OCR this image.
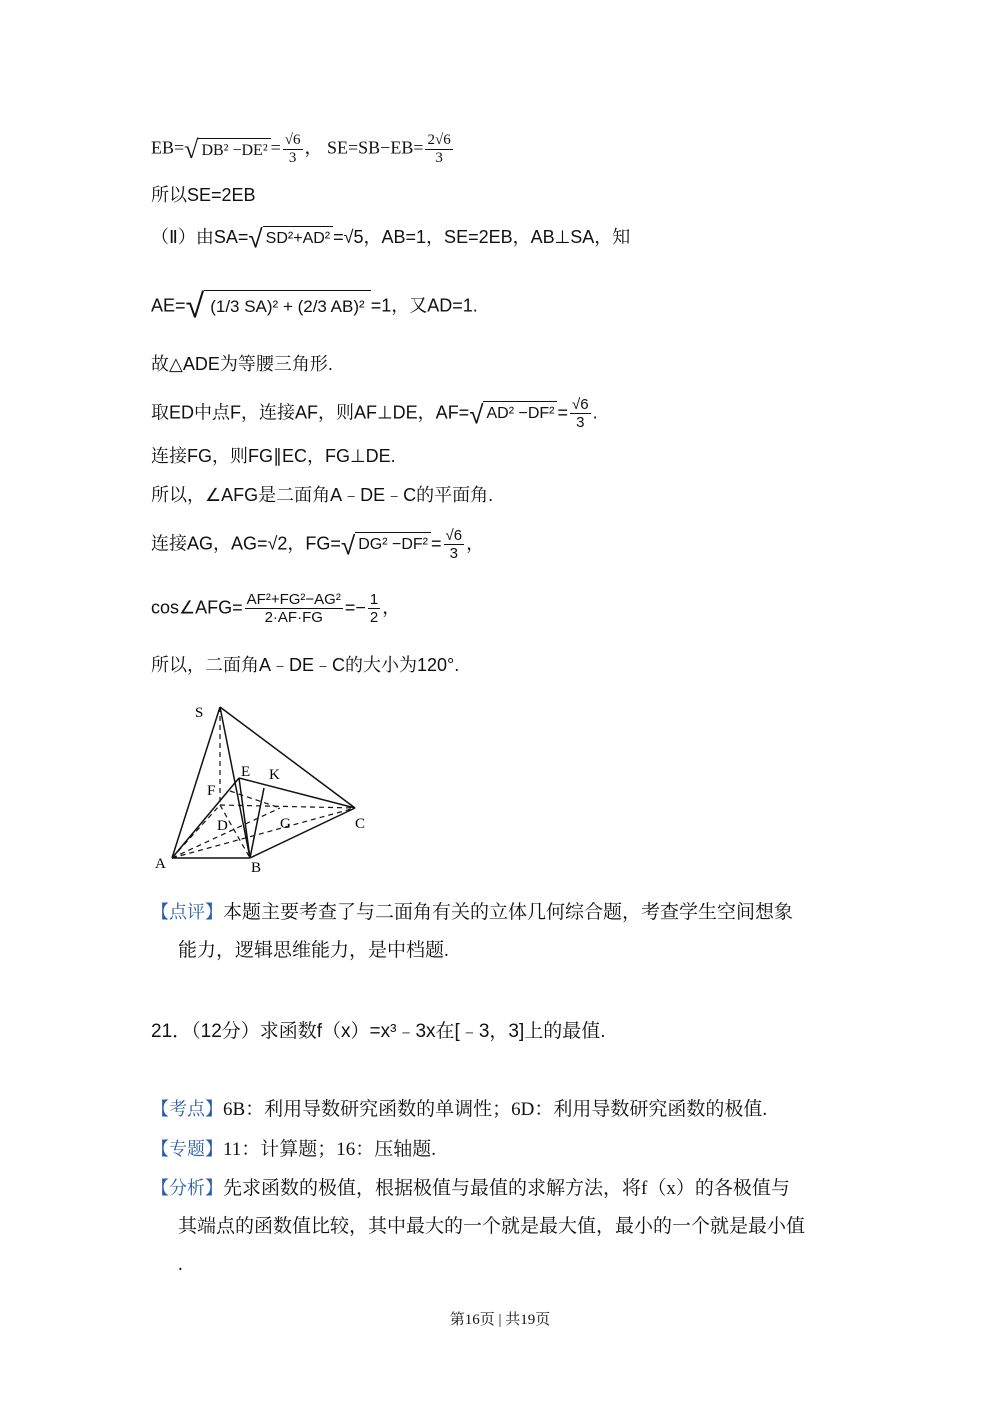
EB=√ $DB^2 -DE^2 = \frac{√6}{3}$ ， $SE=SB-EB= \frac{2√6}{3}$
所以SE=2EB
（Ⅱ）由SA=√ SD²+AD² =√5，AB=1，SE=2EB，AB⊥SA，知
AE=√ (1/3 SA)² + (2/3 AB)² =1，又AD=1.
故△ADE为等腰三角形.
取ED中点F，连接AF，则AF⊥DE，AF=√ $AD^2 -DF^2 = \frac{√6}{3}$ .
连接FG，则FG∥EC，FG⊥DE.
所以，∠AFG是二面角A﹣DE﹣C的平面角.
连接AG，AG=√2，FG=√ $DG^2 -DF^2 = \frac{√6}{3}$ ，
cos∠AFG= $\frac{\text{AF²+FG²−AG²}}{2\cdot AF\cdot FG} =- \frac{1}{2}$ ，
所以，二面角A﹣DE﹣C的大小为120°.
S
E K
F
D	G	C
A	B
【点评】本题主要考查了与二面角有关的立体几何综合题，考查学生空间想象
能力，逻辑思维能力，是中档题.
21．（12分）求函数f（x）=x³﹣3x在[﹣3，3]上的最值.
【考点】6B：利用导数研究函数的单调性；6D：利用导数研究函数的极值.
【专题】11：计算题；16：压轴题.
【分析】先求函数的极值，根据极值与最值的求解方法，将f（x）的各极值与
其端点的函数值比较，其中最大的一个就是最大值，最小的一个就是最小值
.
第16页 | 共19页
